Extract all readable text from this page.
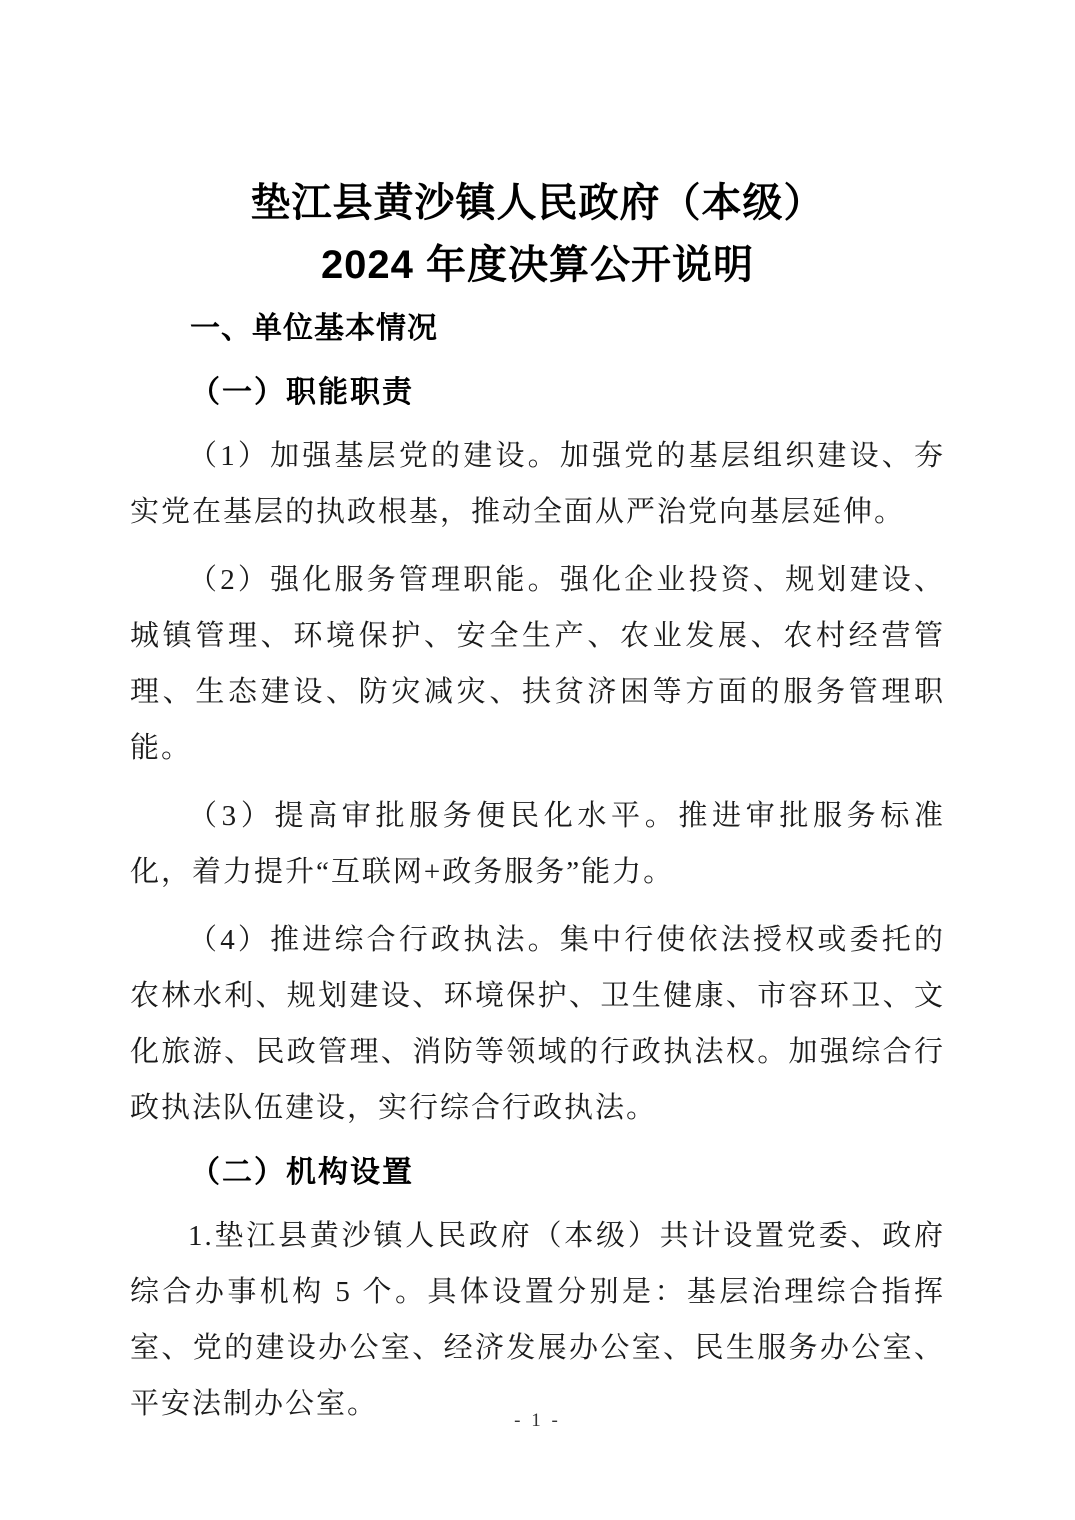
垫江县黄沙镇人民政府（本级）
2024 年度决算公开说明
一、单位基本情况
（一）职能职责

（1）加强基层党的建设。加强党的基层组织建设、夯实党在基层的执政根基，推动全面从严治党向基层延伸。

（2）强化服务管理职能。强化企业投资、规划建设、城镇管理、环境保护、安全生产、农业发展、农村经营管理、生态建设、防灾减灾、扶贫济困等方面的服务管理职能。

（3）提高审批服务便民化水平。推进审批服务标准化，着力提升“互联网+政务服务”能力。

（4）推进综合行政执法。集中行使依法授权或委托的农林水利、规划建设、环境保护、卫生健康、市容环卫、文化旅游、民政管理、消防等领域的行政执法权。加强综合行政执法队伍建设，实行综合行政执法。

（二）机构设置

1.垫江县黄沙镇人民政府（本级）共计设置党委、政府综合办事机构 5 个。具体设置分别是：基层治理综合指挥室、党的建设办公室、经济发展办公室、民生服务办公室、平安法制办公室。

- 1 -
